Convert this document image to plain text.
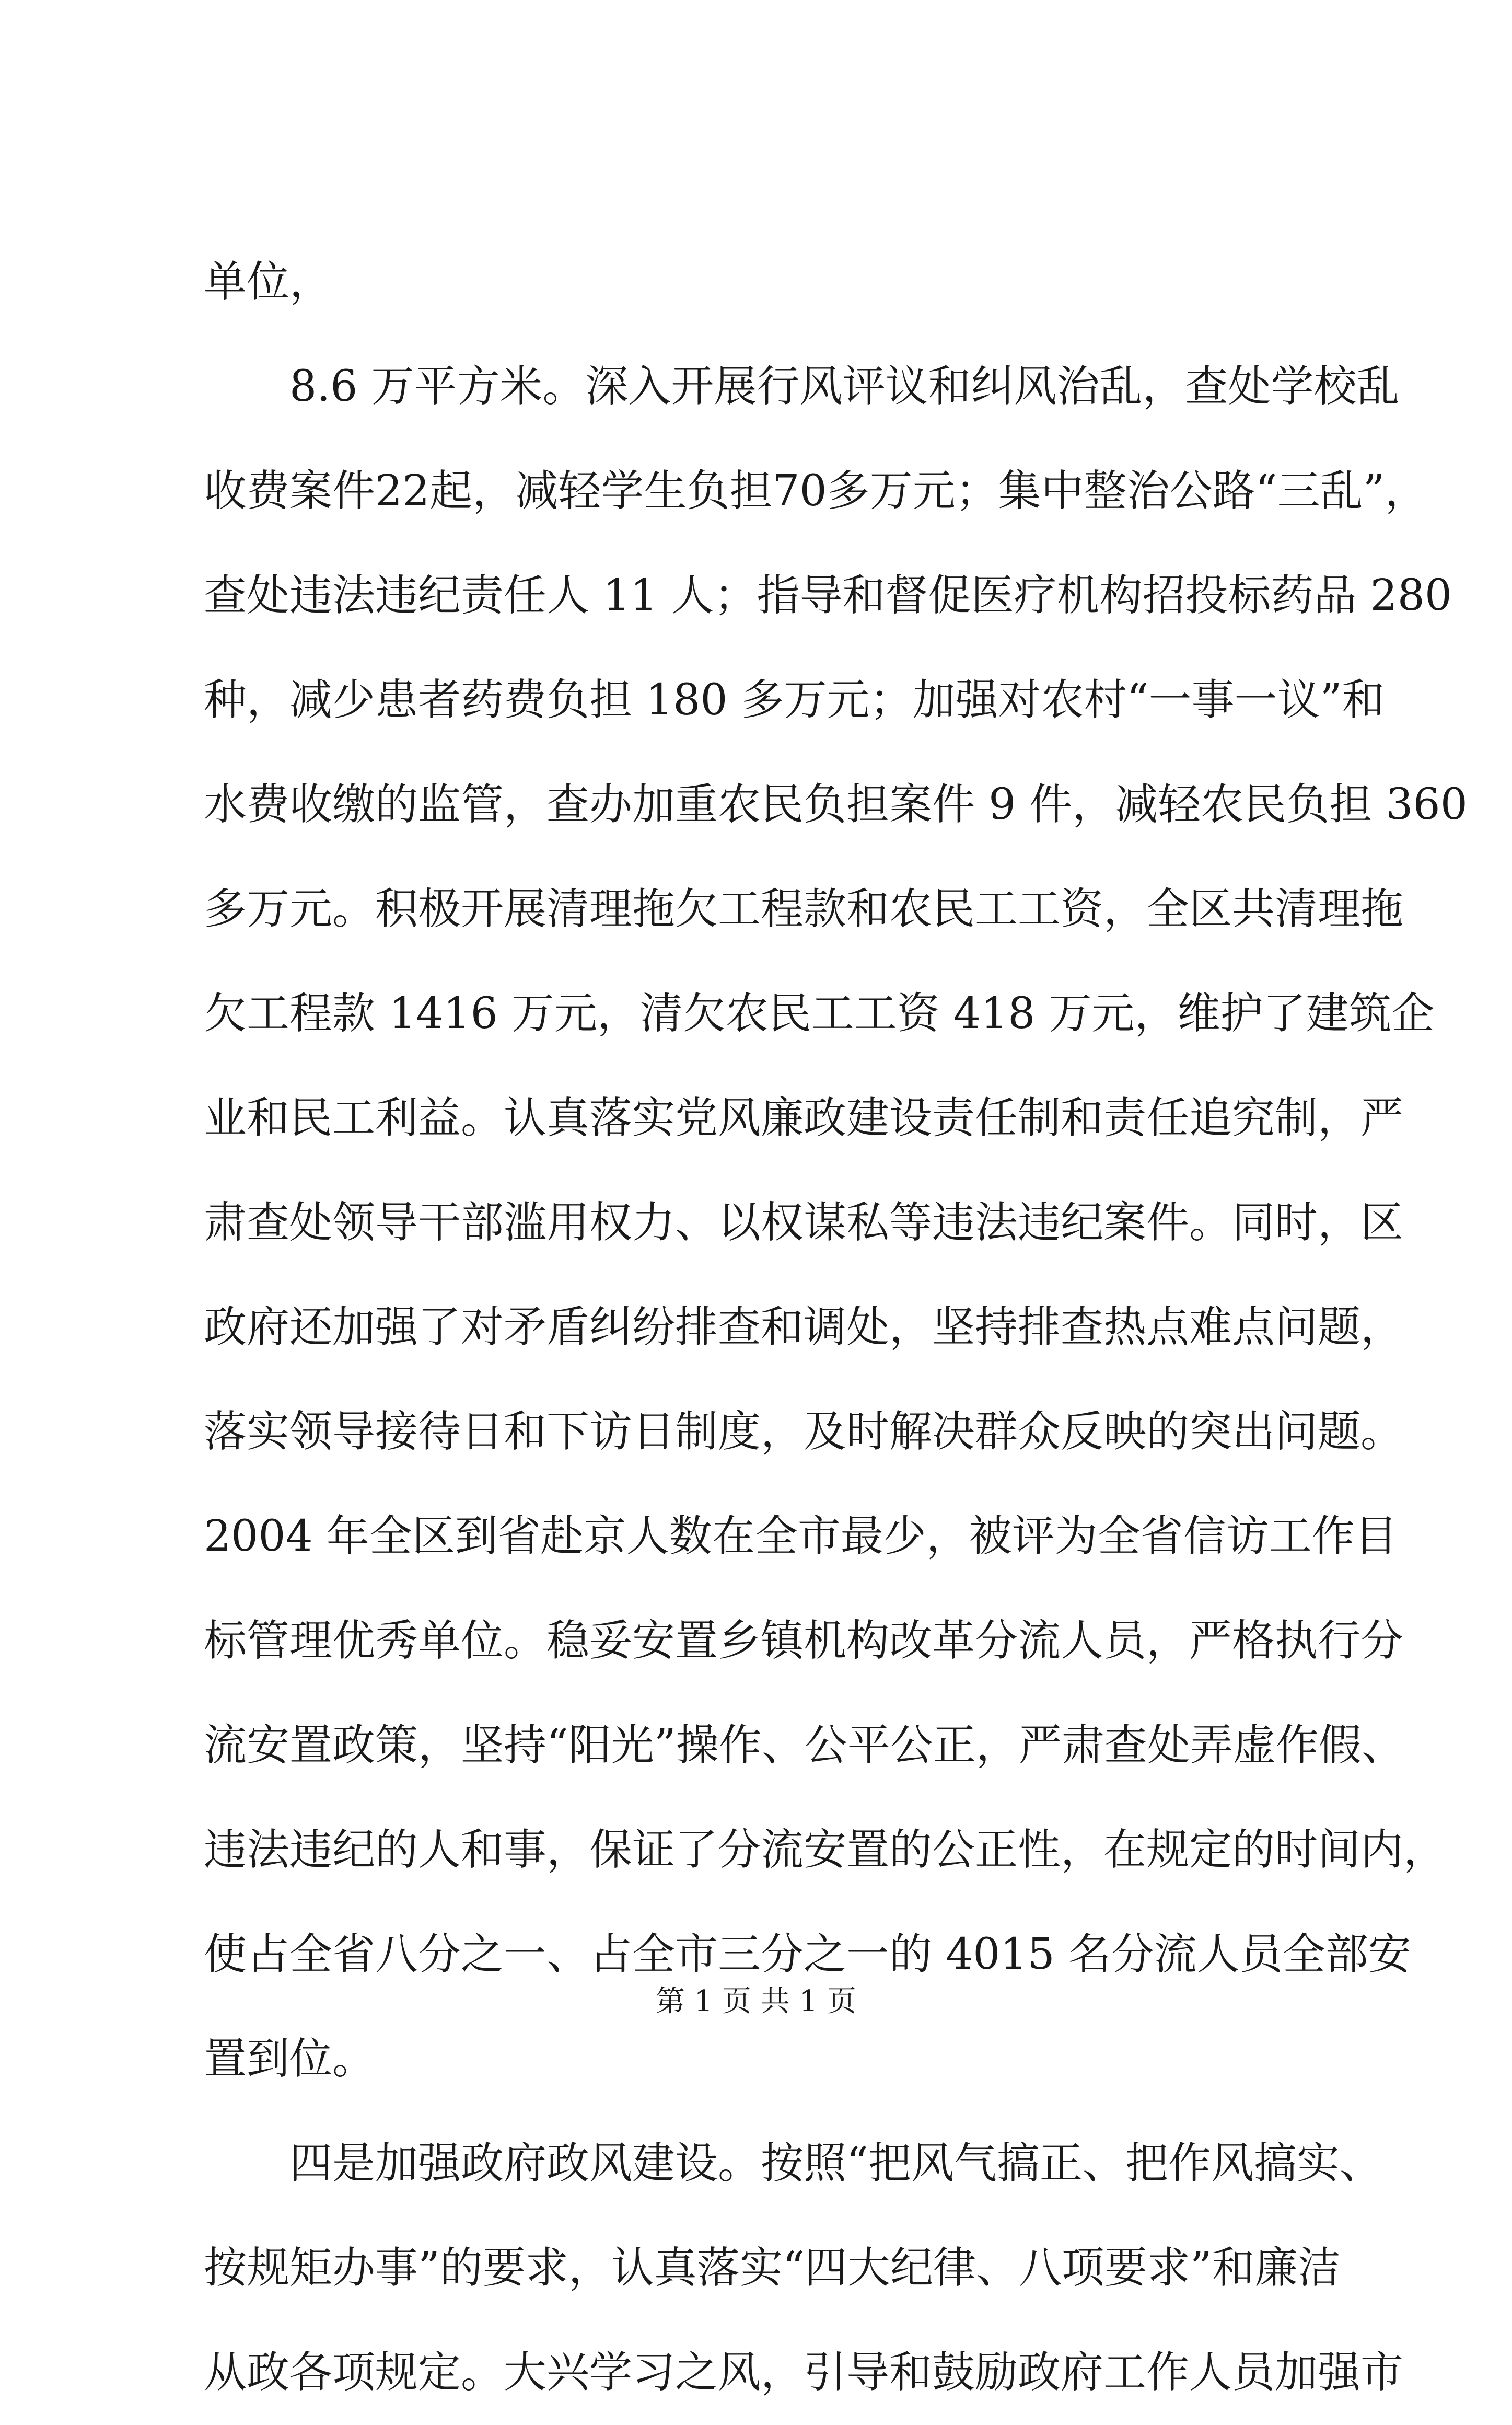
单位，
8.6 万平方米。深入开展行风评议和纠风治乱，查处学校乱
收费案件22起，减轻学生负担70多万元；集中整治公路“三乱”，
查处违法违纪责任人 11 人；指导和督促医疗机构招投标药品 280
种，减少患者药费负担 180 多万元；加强对农村“一事一议”和
水费收缴的监管，查办加重农民负担案件 9 件，减轻农民负担 360
多万元。积极开展清理拖欠工程款和农民工工资，全区共清理拖
欠工程款 1416 万元，清欠农民工工资 418 万元，维护了建筑企
业和民工利益。认真落实党风廉政建设责任制和责任追究制，严
肃查处领导干部滥用权力、以权谋私等违法违纪案件。同时，区
政府还加强了对矛盾纠纷排查和调处，坚持排查热点难点问题，
落实领导接待日和下访日制度，及时解决群众反映的突出问题。
2004 年全区到省赴京人数在全市最少，被评为全省信访工作目
标管理优秀单位。稳妥安置乡镇机构改革分流人员，严格执行分
流安置政策，坚持“阳光”操作、公平公正，严肃查处弄虚作假、
违法违纪的人和事，保证了分流安置的公正性，在规定的时间内，
使占全省八分之一、占全市三分之一的 4015 名分流人员全部安
置到位。
四是加强政府政风建设。按照“把风气搞正、把作风搞实、
按规矩办事”的要求，认真落实“四大纪律、八项要求”和廉洁
从政各项规定。大兴学习之风，引导和鼓励政府工作人员加强市
第 1 页 共 1 页
